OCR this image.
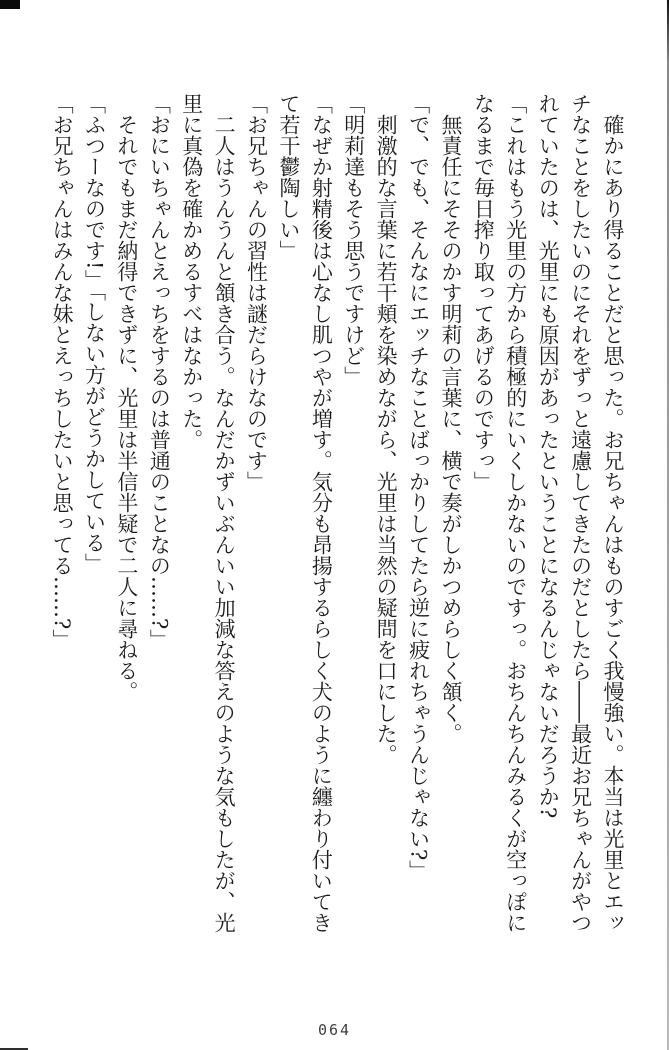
確かにあり得ることだと思った。お兄ちゃんはものすごく我慢強い。本当は光里とエッ

チなことをしたいのにそれをずっと遠慮してきたのだとしたら――最近お兄ちゃんがやつ

れていたのは、光里にも原因があったということになるんじゃないだろうか?

「これはもう光里の方から積極的にいくしかないのですっ。おちんちんみるくが空っぽに

なるまで毎日搾り取ってあげるのですっ」

無責任にそそのかす明莉の言葉に、横で奏がしかつめらしく頷く。

「で、でも、そんなにエッチなことばっかりしてたら逆に疲れちゃうんじゃない?」

刺激的な言葉に若干頬を染めながら、光里は当然の疑問を口にした。

「明莉達もそう思うですけど」

「なぜか射精後は心なし肌つやが増す。気分も昂揚するらしく犬のように纏わり付いてき

て若干鬱陶しい」

「お兄ちゃんの習性は謎だらけなのです」

二人はうんうんと頷き合う。なんだかずいぶんいい加減な答えのような気もしたが、光

里に真偽を確かめるすべはなかった。

「おにいちゃんとえっちをするのは普通のことなの……?」

それでもまだ納得できずに、光里は半信半疑で二人に尋ねる。

「ふつーなのです!」「しない方がどうかしている」

「お兄ちゃんはみんな妹とえっちしたいと思ってる……?」

064
